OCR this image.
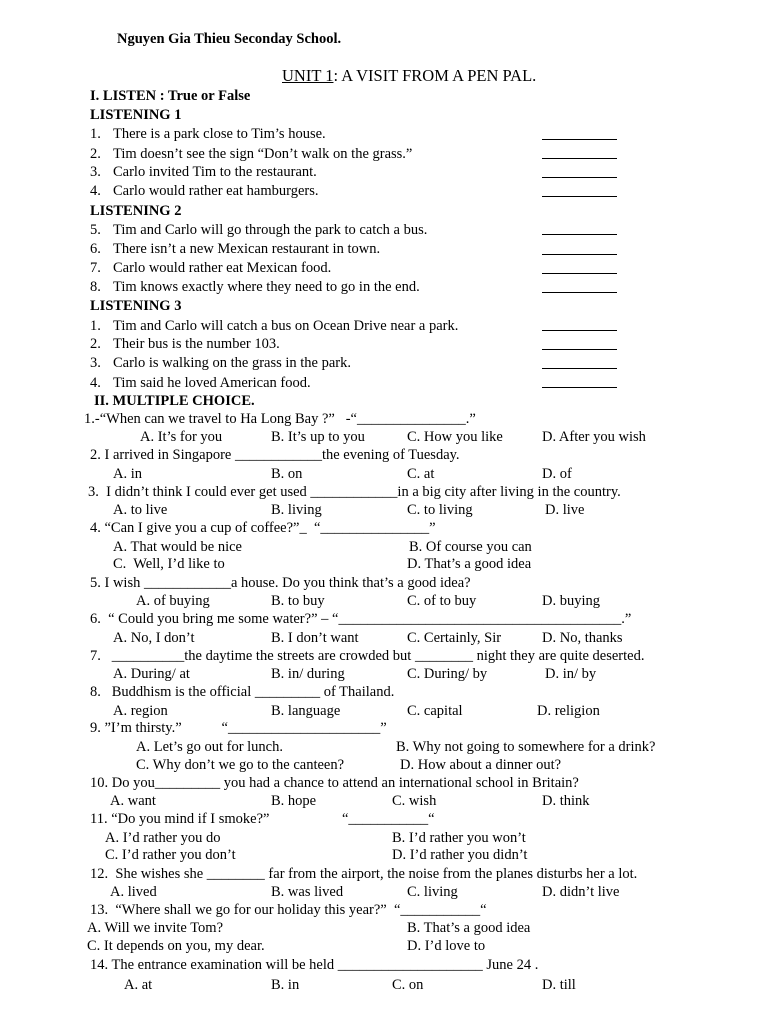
Nguyen Gia Thieu Seconday School.
UNIT 1: A VISIT FROM A PEN PAL.
I. LISTEN : True or False
LISTENING 1
1. There is a park close to Tim’s house.
2. Tim doesn’t see the sign “Don’t walk on the grass.”
3. Carlo invited Tim to the restaurant.
4. Carlo would rather eat hamburgers.
LISTENING 2
5. Tim and Carlo will go through the park to catch a bus.
6. There isn’t a new Mexican restaurant in town.
7. Carlo would rather eat Mexican food.
8. Tim knows exactly where they need to go in the end.
LISTENING 3
1. Tim and Carlo will catch a bus on Ocean Drive near a park.
2. Their bus is the number 103.
3. Carlo is walking on the grass in the park.
4. Tim said he loved American food.
II. MULTIPLE CHOICE.
1.-“When can we travel to Ha Long Bay ?”   -“_______________.”
A. It’s for you	B. It’s up to you	C. How you like	D. After you wish
2. I arrived in Singapore ____________the evening of Tuesday.
A. in	B. on	C. at	D. of
3.  I didn’t think I could ever get used ____________in a big city after living in the country.
A. to live	B. living	C. to living	D. live
4. “Can I give you a cup of coffee?”_  “_______________”
A. That would be nice	B. Of course you can
C.  Well, I’d like to	D. That’s a good idea
5. I wish ____________a house. Do you think that’s a good idea?
A. of buying	B. to buy	C. of to buy	D. buying
6.  “ Could you bring me some water?” – “_______________________________________.”
A. No, I don’t	B. I don’t want	C. Certainly, Sir	D. No, thanks
7.   __________the daytime the streets are crowded but ________ night they are quite deserted.
A. During/ at	B. in/ during	C. During/ by	D. in/ by
8.   Buddhism is the official _________ of Thailand.
A. region	B. language	C. capital	D. religion
9. ”I’m thirsty.”           “_____________________”
A. Let’s go out for lunch.	B. Why not going to somewhere for a drink?
C. Why don’t we go to the canteen?	D. How about a dinner out?
10. Do you_________ you had a chance to attend an international school in Britain?
A. want	B. hope	C. wish	D. think
11. “Do you mind if I smoke?”                    “___________“
A. I’d rather you do	B. I’d rather you won’t
C. I’d rather you don’t	D. I’d rather you didn’t
12.  She wishes she ________ far from the airport, the noise from the planes disturbs her a lot.
A. lived	B. was lived	C. living	D. didn’t live
13.  “Where shall we go for our holiday this year?”  “___________“
A. Will we invite Tom?	B. That’s a good idea
C. It depends on you, my dear.	D. I’d love to
14. The entrance examination will be held ____________________ June 24 .
A. at	B. in	C. on	D. till
